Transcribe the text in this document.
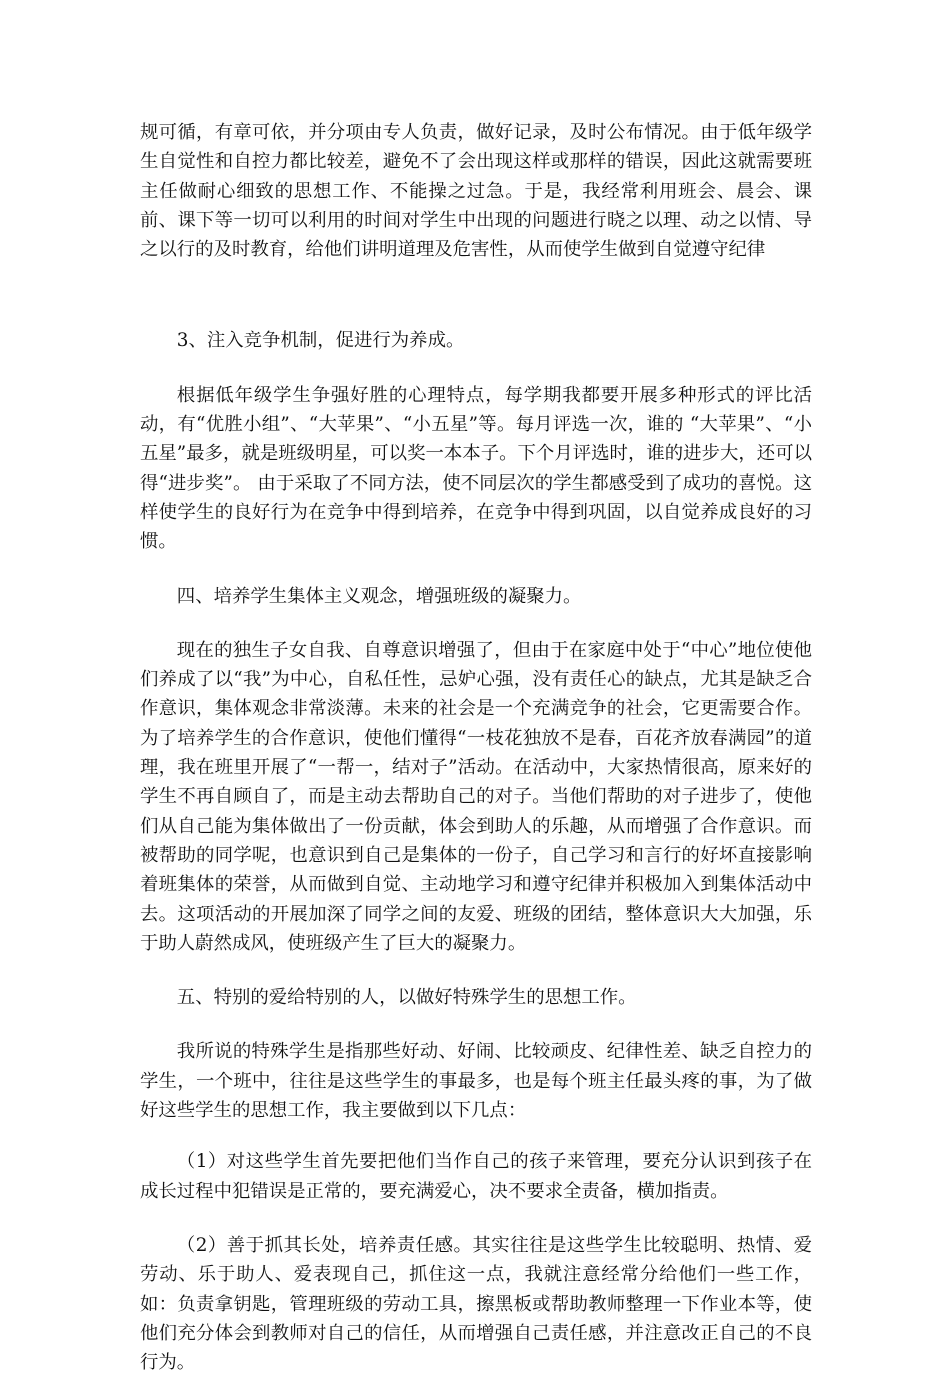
规可循，有章可依，并分项由专人负责，做好记录，及时公布情况。由于低年级学生自觉性和自控力都比较差，避免不了会出现这样或那样的错误，因此这就需要班主任做耐心细致的思想工作、不能操之过急。于是，我经常利用班会、晨会、课前、课下等一切可以利用的时间对学生中出现的问题进行晓之以理、动之以情、导之以行的及时教育，给他们讲明道理及危害性，从而使学生做到自觉遵守纪律

3、注入竞争机制，促进行为养成。

根据低年级学生争强好胜的心理特点，每学期我都要开展多种形式的评比活动，有“优胜小组”、“大苹果”、“小五星”等。每月评选一次，谁的 “大苹果”、“小五星”最多，就是班级明星，可以奖一本本子。下个月评选时，谁的进步大，还可以得“进步奖”。 由于采取了不同方法，使不同层次的学生都感受到了成功的喜悦。这样使学生的良好行为在竞争中得到培养，在竞争中得到巩固，以自觉养成良好的习惯。

四、培养学生集体主义观念，增强班级的凝聚力。

现在的独生子女自我、自尊意识增强了，但由于在家庭中处于“中心”地位使他们养成了以“我”为中心，自私任性，忌妒心强，没有责任心的缺点，尤其是缺乏合作意识，集体观念非常淡薄。未来的社会是一个充满竞争的社会，它更需要合作。为了培养学生的合作意识，使他们懂得“一枝花独放不是春，百花齐放春满园”的道理，我在班里开展了“一帮一，结对子”活动。在活动中，大家热情很高，原来好的学生不再自顾自了，而是主动去帮助自己的对子。当他们帮助的对子进步了，使他们从自己能为集体做出了一份贡献，体会到助人的乐趣，从而增强了合作意识。而被帮助的同学呢，也意识到自己是集体的一份子，自己学习和言行的好坏直接影响着班集体的荣誉，从而做到自觉、主动地学习和遵守纪律并积极加入到集体活动中去。这项活动的开展加深了同学之间的友爱、班级的团结，整体意识大大加强，乐于助人蔚然成风，使班级产生了巨大的凝聚力。

五、特别的爱给特别的人，以做好特殊学生的思想工作。

我所说的特殊学生是指那些好动、好闹、比较顽皮、纪律性差、缺乏自控力的学生，一个班中，往往是这些学生的事最多，也是每个班主任最头疼的事，为了做好这些学生的思想工作，我主要做到以下几点：

（1）对这些学生首先要把他们当作自己的孩子来管理，要充分认识到孩子在成长过程中犯错误是正常的，要充满爱心，决不要求全责备，横加指责。

（2）善于抓其长处，培养责任感。其实往往是这些学生比较聪明、热情、爱劳动、乐于助人、爱表现自己，抓住这一点，我就注意经常分给他们一些工作，如：负责拿钥匙，管理班级的劳动工具，擦黑板或帮助教师整理一下作业本等，使他们充分体会到教师对自己的信任，从而增强自己责任感，并注意改正自己的不良行为。
